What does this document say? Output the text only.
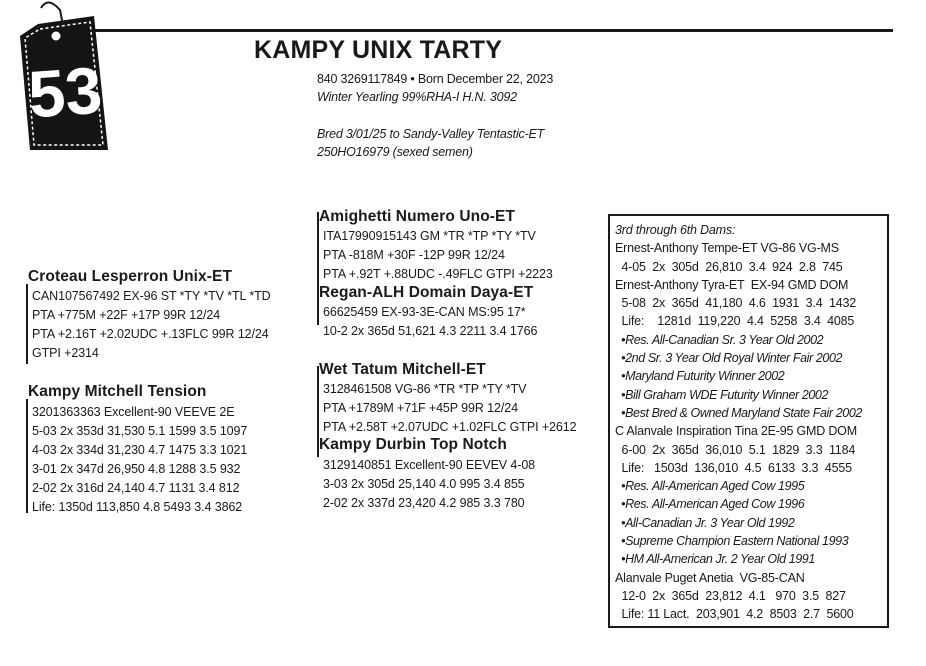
53
KAMPY UNIX TARTY
840 3269117849 • Born December 22, 2023
Winter Yearling 99%RHA-I H.N. 3092
Bred 3/01/25 to Sandy-Valley Tentastic-ET
250HO16979 (sexed semen)
Croteau Lesperron Unix-ET
CAN107567492 EX-96 ST *TY *TV *TL *TD
PTA +775M +22F +17P 99R 12/24
PTA +2.16T +2.02UDC +.13FLC 99R 12/24
GTPI +2314
Kampy Mitchell Tension
3201363363 Excellent-90 VEEVE 2E
5-03 2x 353d 31,530 5.1 1599 3.5 1097
4-03 2x 334d 31,230 4.7 1475 3.3 1021
3-01 2x 347d 26,950 4.8 1288 3.5 932
2-02 2x 316d 24,140 4.7 1131 3.4 812
Life: 1350d 113,850 4.8 5493 3.4 3862
Amighetti Numero Uno-ET
ITA17990915143 GM *TR *TP *TY *TV
PTA -818M +30F -12P 99R 12/24
PTA +.92T +.88UDC -.49FLC GTPI +2223
Regan-ALH Domain Daya-ET
66625459 EX-93-3E-CAN MS:95 17*
10-2 2x 365d 51,621 4.3 2211 3.4 1766
Wet Tatum Mitchell-ET
3128461508 VG-86 *TR *TP *TY *TV
PTA +1789M +71F +45P 99R 12/24
PTA +2.58T +2.07UDC +1.02FLC GTPI +2612
Kampy Durbin Top Notch
3129140851 Excellent-90 EEVEV 4-08
3-03 2x 305d 25,140 4.0 995 3.4 855
2-02 2x 337d 23,420 4.2 985 3.3 780
3rd through 6th Dams:
Ernest-Anthony Tempe-ET VG-86 VG-MS
4-05  2x  305d  26,810  3.4  924  2.8  745
Ernest-Anthony Tyra-ET  EX-94 GMD DOM
5-08  2x  365d  41,180  4.6  1931  3.4  1432
Life:    1281d  119,220  4.4  5258  3.4  4085
•Res. All-Canadian Sr. 3 Year Old 2002
•2nd Sr. 3 Year Old Royal Winter Fair 2002
•Maryland Futurity Winner 2002
•Bill Graham WDE Futurity Winner 2002
•Best Bred & Owned Maryland State Fair 2002
C Alanvale Inspiration Tina 2E-95 GMD DOM
6-00  2x  365d  36,010  5.1  1829  3.3  1184
Life:   1503d  136,010  4.5  6133  3.3  4555
•Res. All-American Aged Cow 1995
•Res. All-American Aged Cow 1996
•All-Canadian Jr. 3 Year Old 1992
•Supreme Champion Eastern National 1993
•HM All-American Jr. 2 Year Old 1991
Alanvale Puget Anetia  VG-85-CAN
12-0  2x  365d  23,812  4.1   970  3.5  827
Life: 11 Lact.  203,901  4.2  8503  2.7  5600
